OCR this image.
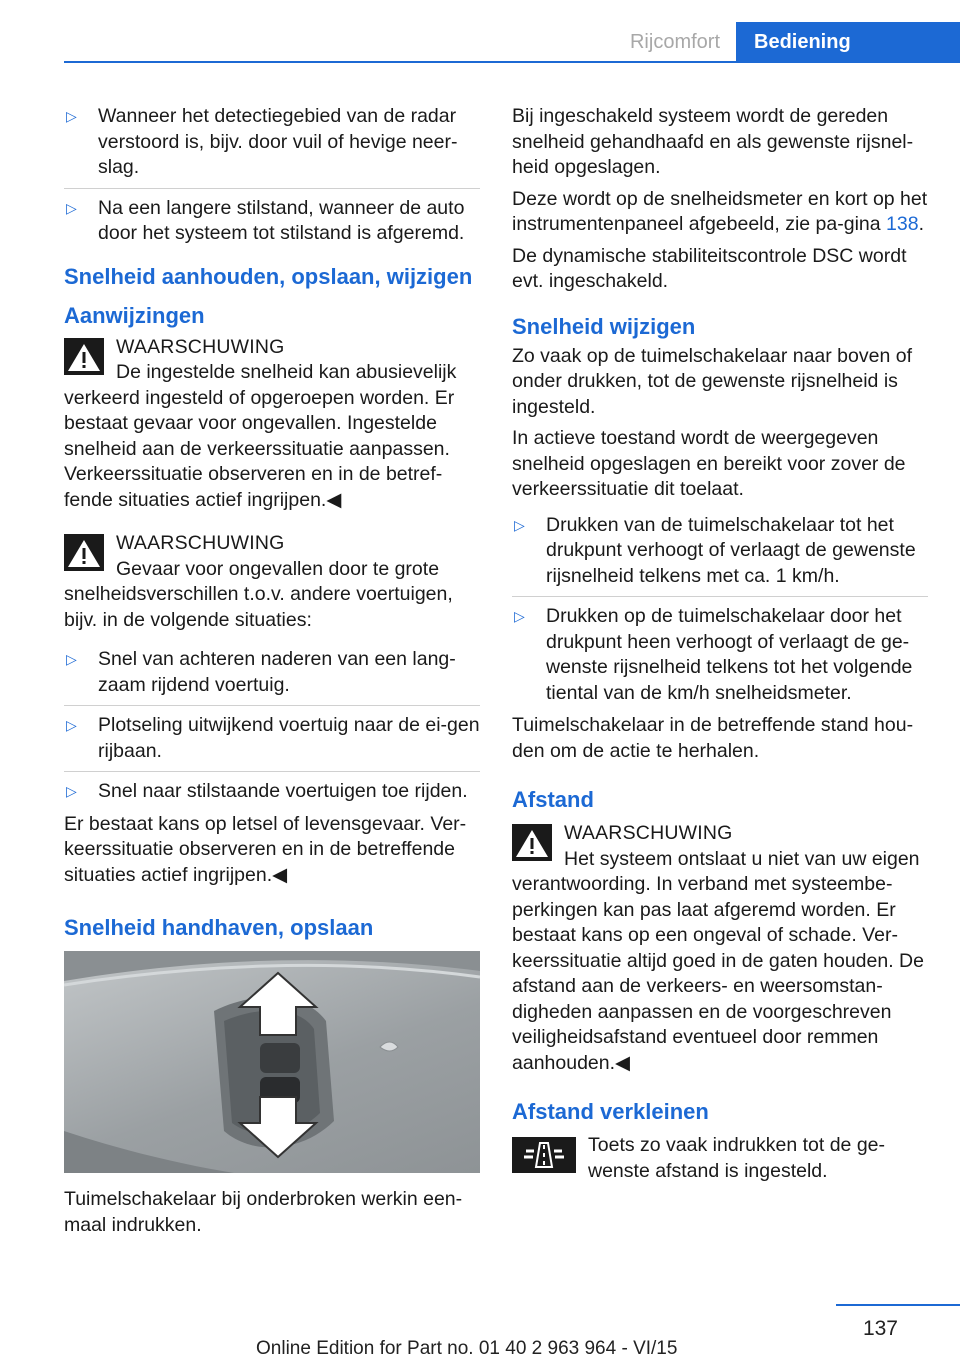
Rijcomfort	Bediening
▷ Wanneer het detectiegebied van de radar verstoord is, bijv. door vuil of hevige neer-slag.
▷ Na een langere stilstand, wanneer de auto door het systeem tot stilstand is afgeremd.
Snelheid aanhouden, opslaan, wijzigen
Aanwijzingen
WAARSCHUWING
De ingestelde snelheid kan abusievelijk verkeerd ingesteld of opgeroepen worden. Er bestaat gevaar voor ongevallen. Ingestelde snelheid aan de verkeerssituatie aanpassen. Verkeerssituatie observeren en in de betref-fende situaties actief ingrijpen.◀
WAARSCHUWING
Gevaar voor ongevallen door te grote snelheidsverschillen t.o.v. andere voertuigen, bijv. in de volgende situaties:
▷ Snel van achteren naderen van een lang-zaam rijdend voertuig.
▷ Plotseling uitwijkend voertuig naar de ei-gen rijbaan.
▷ Snel naar stilstaande voertuigen toe rijden.

Er bestaat kans op letsel of levensgevaar. Ver-keerssituatie observeren en in de betreffende situaties actief ingrijpen.◀

Snelheid handhaven, opslaan

Tuimelschakelaar bij onderbroken werkin een-maal indrukken.

Bij ingeschakeld systeem wordt de gereden snelheid gehandhaafd en als gewenste rijsnel-heid opgeslagen.

Deze wordt op de snelheidsmeter en kort op het instrumentenpaneel afgebeeld, zie pa-gina 138.

De dynamische stabiliteitscontrole DSC wordt evt. ingeschakeld.

Snelheid wijzigen

Zo vaak op de tuimelschakelaar naar boven of onder drukken, tot de gewenste rijsnelheid is ingesteld.

In actieve toestand wordt de weergegeven snelheid opgeslagen en bereikt voor zover de verkeerssituatie dit toelaat.

▷ Drukken van de tuimelschakelaar tot het drukpunt verhoogt of verlaagt de gewenste rijsnelheid telkens met ca. 1 km/h.
▷ Drukken op de tuimelschakelaar door het drukpunt heen verhoogt of verlaagt de ge-wenste rijsnelheid telkens tot het volgende tiental van de km/h snelheidsmeter.

Tuimelschakelaar in de betreffende stand hou-den om de actie te herhalen.

Afstand
WAARSCHUWING
Het systeem ontslaat u niet van uw eigen verantwoording. In verband met systeembe-perkingen kan pas laat afgeremd worden. Er bestaat kans op een ongeval of schade. Ver-keerssituatie altijd goed in de gaten houden. De afstand aan de verkeers- en weersomstan-digheden aanpassen en de voorgeschreven veiligheidsafstand eventueel door remmen aanhouden.◀
Afstand verkleinen
Toets zo vaak indrukken tot de ge-wenste afstand is ingesteld.
137
Online Edition for Part no. 01 40 2 963 964 - VI/15
